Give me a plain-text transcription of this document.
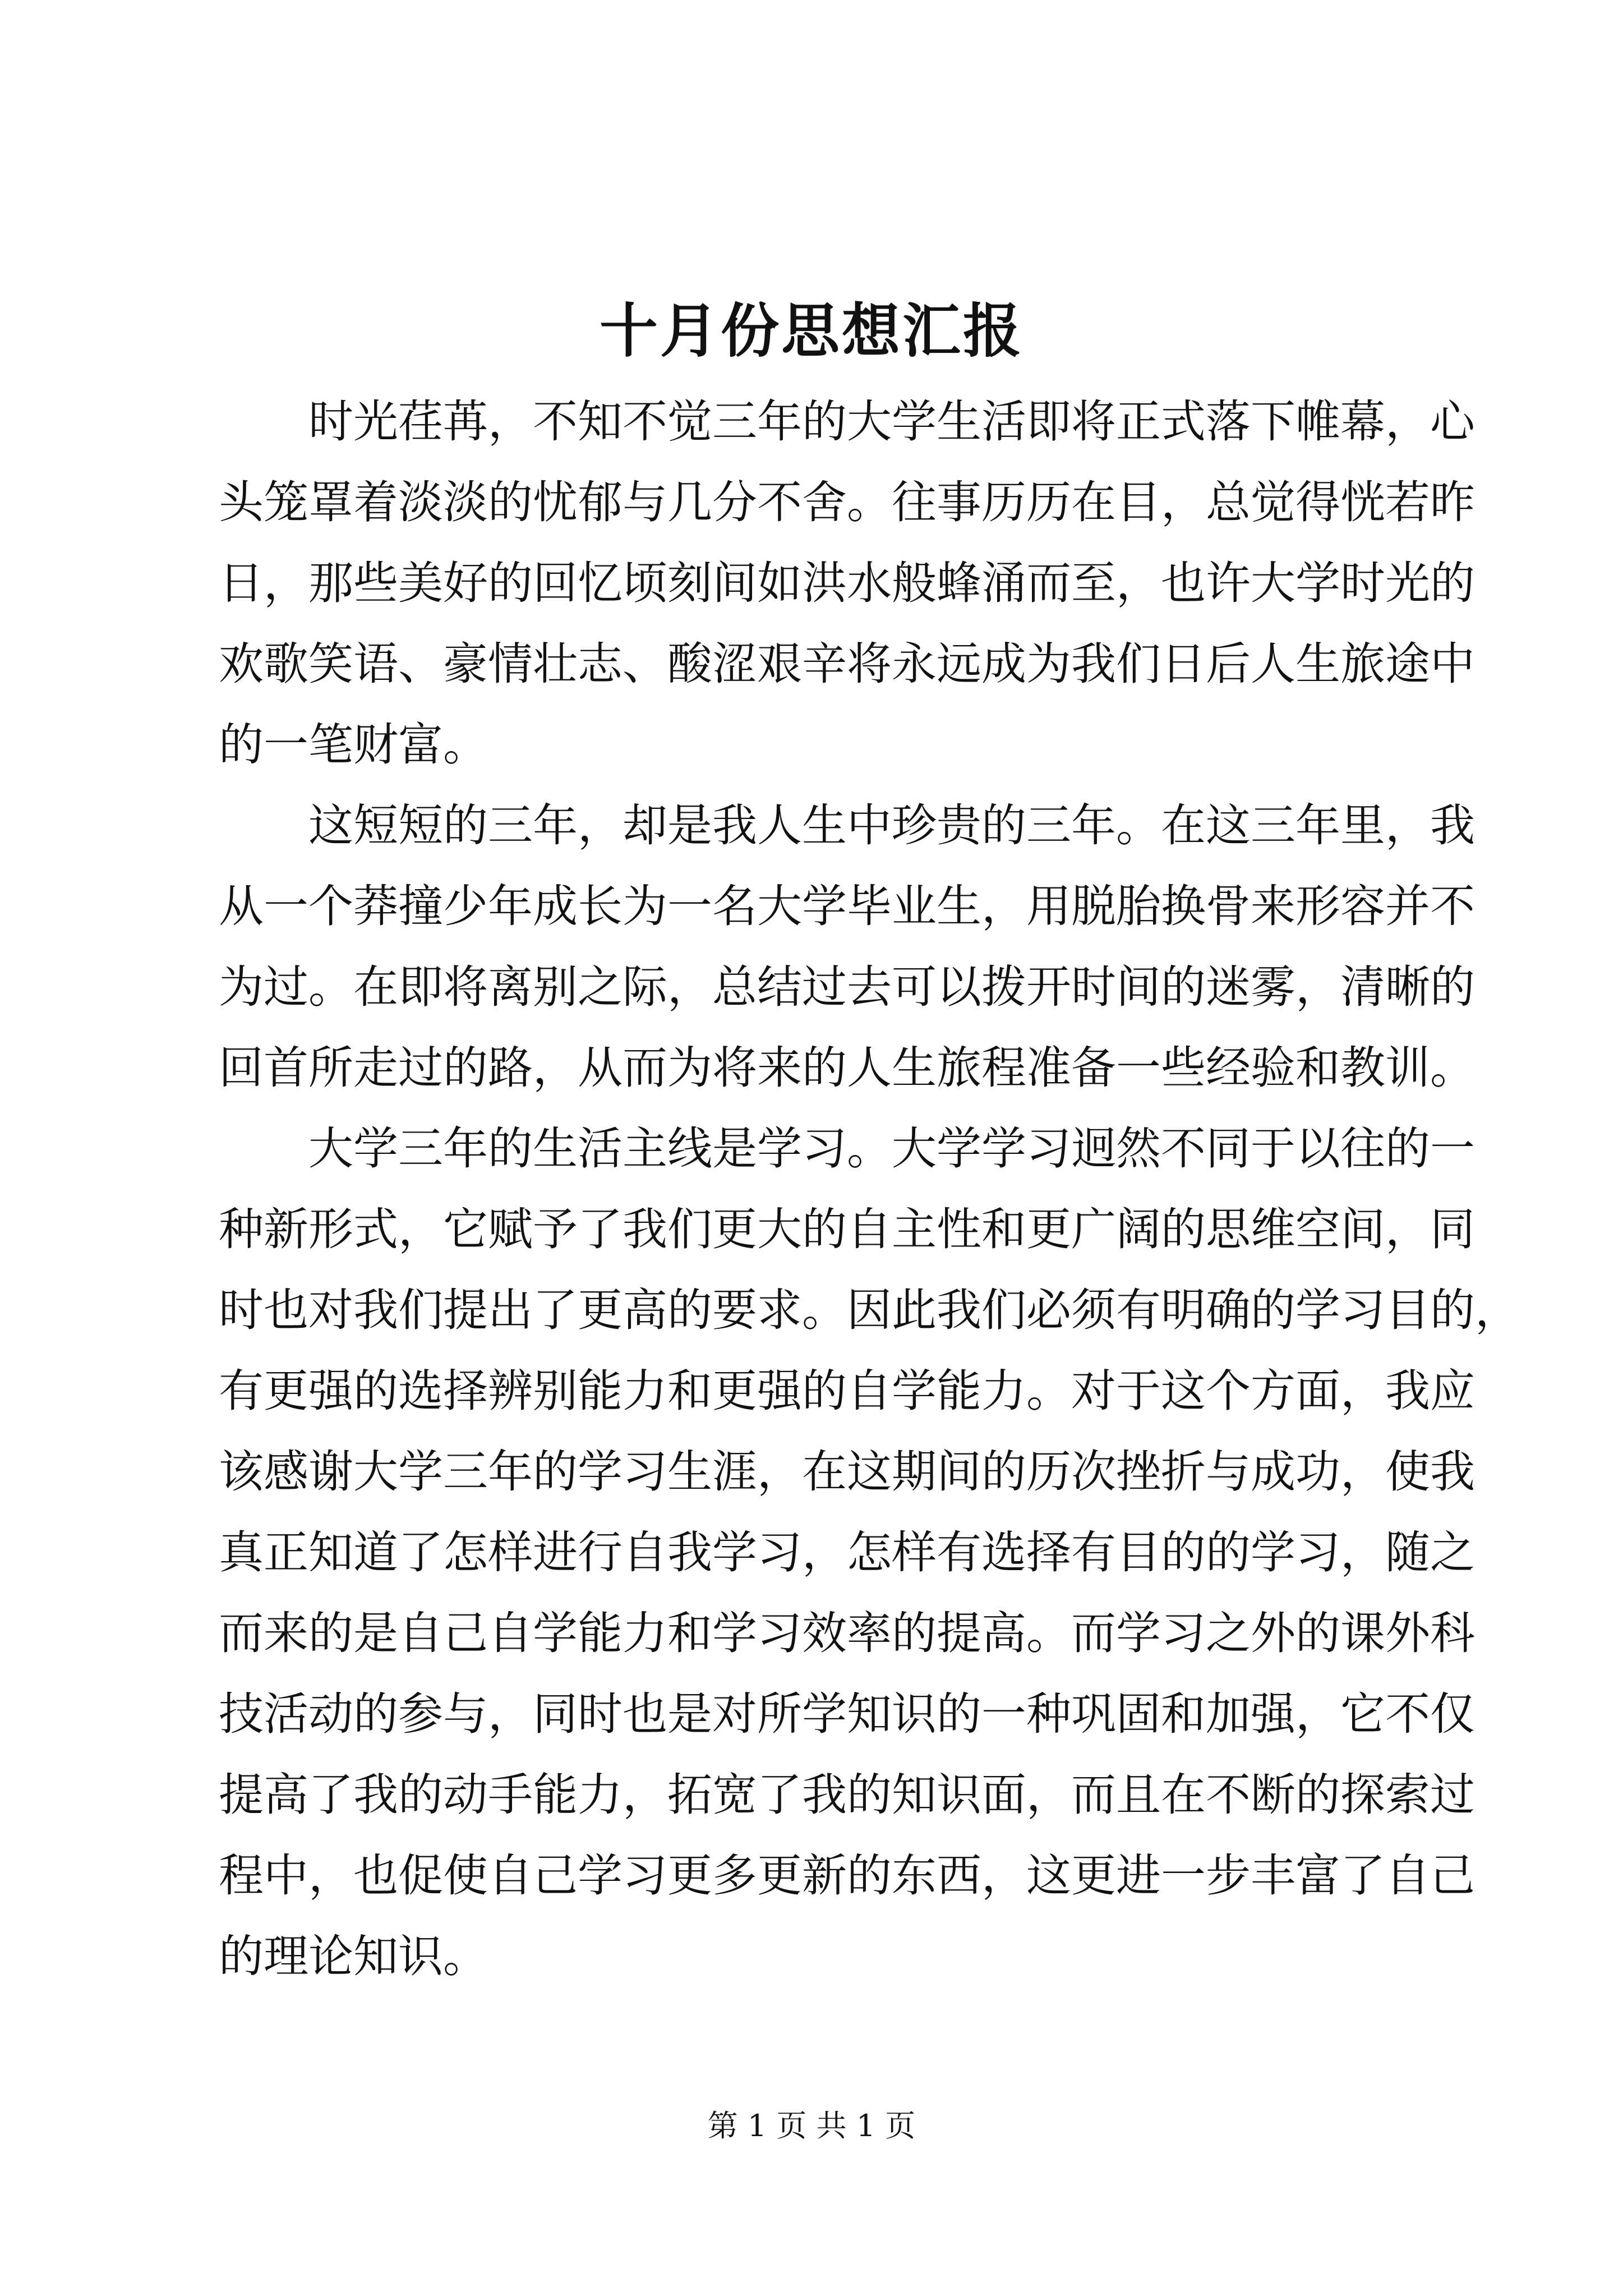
十月份思想汇报
时光荏苒，不知不觉三年的大学生活即将正式落下帷幕，心
头笼罩着淡淡的忧郁与几分不舍。往事历历在目，总觉得恍若昨
日，那些美好的回忆顷刻间如洪水般蜂涌而至，也许大学时光的
欢歌笑语、豪情壮志、酸涩艰辛将永远成为我们日后人生旅途中
的一笔财富。
这短短的三年，却是我人生中珍贵的三年。在这三年里，我
从一个莽撞少年成长为一名大学毕业生，用脱胎换骨来形容并不
为过。在即将离别之际，总结过去可以拨开时间的迷雾，清晰的
回首所走过的路，从而为将来的人生旅程准备一些经验和教训。
大学三年的生活主线是学习。大学学习迥然不同于以往的一
种新形式，它赋予了我们更大的自主性和更广阔的思维空间，同
时也对我们提出了更高的要求。因此我们必须有明确的学习目的，
有更强的选择辨别能力和更强的自学能力。对于这个方面，我应
该感谢大学三年的学习生涯，在这期间的历次挫折与成功，使我
真正知道了怎样进行自我学习，怎样有选择有目的的学习，随之
而来的是自己自学能力和学习效率的提高。而学习之外的课外科
技活动的参与，同时也是对所学知识的一种巩固和加强，它不仅
提高了我的动手能力，拓宽了我的知识面，而且在不断的探索过
程中，也促使自己学习更多更新的东西，这更进一步丰富了自己
的理论知识。

第 1 页 共 1 页
